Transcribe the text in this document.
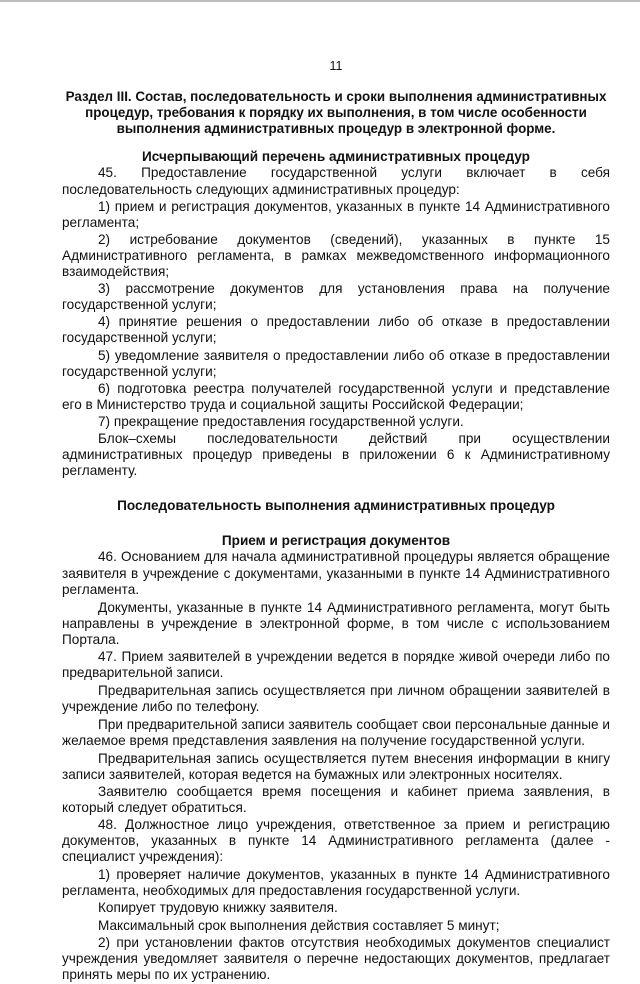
11
Раздел III. Состав, последовательность и сроки выполнения административных процедур, требования к порядку их выполнения, в том числе особенности выполнения административных процедур в электронной форме.
Исчерпывающий перечень административных процедур

45. Предоставление государственной услуги включает в себя последовательность следующих административных процедур:

1) прием и регистрация документов, указанных в пункте 14 Административного регламента;

2) истребование документов (сведений), указанных в пункте 15 Административного регламента, в рамках межведомственного информационного взаимодействия;

3) рассмотрение документов для установления права на получение государственной услуги;

4) принятие решения о предоставлении либо об отказе в предоставлении государственной услуги;

5) уведомление заявителя о предоставлении либо об отказе в предоставлении государственной услуги;

6) подготовка реестра получателей государственной услуги и представление его в Министерство труда и социальной защиты Российской Федерации;

7) прекращение предоставления государственной услуги.

Блок–схемы последовательности действий при осуществлении административных процедур приведены в приложении 6 к Административному регламенту.

Последовательность выполнения административных процедур
Прием и регистрация документов

46. Основанием для начала административной процедуры является обращение заявителя в учреждение с документами, указанными в пункте 14 Административного регламента.

Документы, указанные в пункте 14 Административного регламента, могут быть направлены в учреждение в электронной форме, в том числе с использованием Портала.

47. Прием заявителей в учреждении ведется в порядке живой очереди либо по предварительной записи.

Предварительная запись осуществляется при личном обращении заявителей в учреждение либо по телефону.

При предварительной записи заявитель сообщает свои персональные данные и желаемое время представления заявления на получение государственной услуги.

Предварительная запись осуществляется путем внесения информации в книгу записи заявителей, которая ведется на бумажных или электронных носителях.

Заявителю сообщается время посещения и кабинет приема заявления, в который следует обратиться.

48. Должностное лицо учреждения, ответственное за прием и регистрацию документов, указанных в пункте 14 Административного регламента (далее - специалист учреждения):

1) проверяет наличие документов, указанных в пункте 14 Административного регламента, необходимых для предоставления государственной услуги.

Копирует трудовую книжку заявителя.

Максимальный срок выполнения действия составляет 5 минут;

2) при установлении фактов отсутствия необходимых документов специалист учреждения уведомляет заявителя о перечне недостающих документов, предлагает принять меры по их устранению.
